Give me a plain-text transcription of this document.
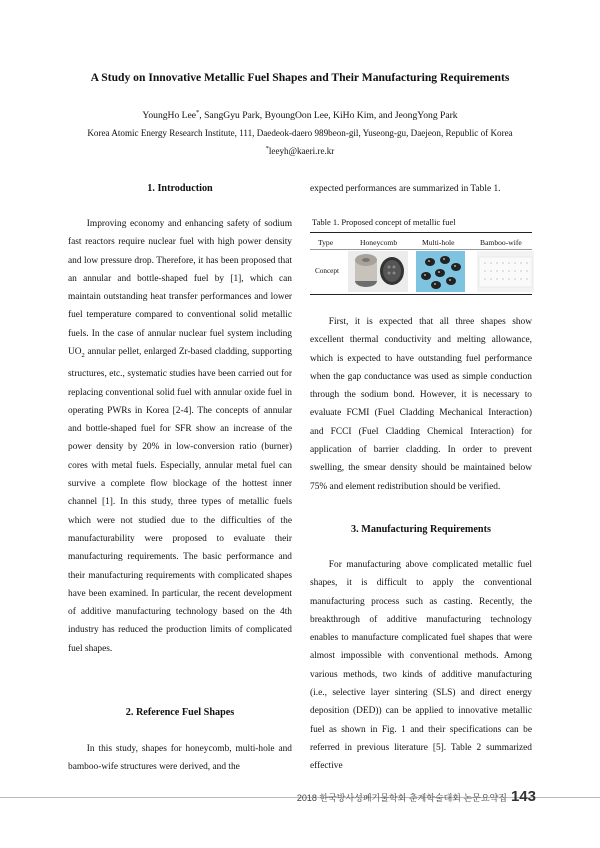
A Study on Innovative Metallic Fuel Shapes and Their Manufacturing Requirements
YoungHo Lee*, SangGyu Park, ByoungOon Lee, KiHo Kim, and JeongYong Park
Korea Atomic Energy Research Institute, 111, Daedeok-daero 989beon-gil, Yuseong-gu, Daejeon, Republic of Korea
*leeyh@kaeri.re.kr
1. Introduction

Improving economy and enhancing safety of sodium fast reactors require nuclear fuel with high power density and low pressure drop. Therefore, it has been proposed that an annular and bottle-shaped fuel by [1], which can maintain outstanding heat transfer performances and lower fuel temperature compared to conventional solid metallic fuels. In the case of annular nuclear fuel system including $UO_2$ annular pellet, enlarged Zr-based cladding, supporting structures, etc., systematic studies have been carried out for replacing conventional solid fuel with annular oxide fuel in operating PWRs in Korea [2-4]. The concepts of annular and bottle-shaped fuel for SFR show an increase of the power density by 20% in low-conversion ratio (burner) cores with metal fuels. Especially, annular metal fuel can survive a complete flow blockage of the hottest inner channel [1]. In this study, three types of metallic fuels which were not studied due to the difficulties of the manufacturability were proposed to evaluate their manufacturing requirements. The basic performance and their manufacturing requirements with complicated shapes have been examined. In particular, the recent development of additive manufacturing technology based on the 4th industry has reduced the production limits of complicated fuel shapes.

2. Reference Fuel Shapes

In this study, shapes for honeycomb, multi-hole and bamboo-wife structures were derived, and the

expected performances are summarized in Table 1.

Table 1. Proposed concept of metallic fuel
Type	Honeycomb	Multi-hole	Bamboo-wife
Concept

First, it is expected that all three shapes show excellent thermal conductivity and melting allowance, which is expected to have outstanding fuel performance when the gap conductance was used as simple conduction through the sodium bond. However, it is necessary to evaluate FCMI (Fuel Cladding Mechanical Interaction) and FCCI (Fuel Cladding Chemical Interaction) for application of barrier cladding. In order to prevent swelling, the smear density should be maintained below 75% and element redistribution should be verified.

3. Manufacturing Requirements

For manufacturing above complicated metallic fuel shapes, it is difficult to apply the conventional manufacturing process such as casting. Recently, the breakthrough of additive manufacturing technology enables to manufacture complicated fuel shapes that were almost impossible with conventional methods. Among various methods, two kinds of additive manufacturing (i.e., selective layer sintering (SLS) and direct energy deposition (DED)) can be applied to innovative metallic fuel as shown in Fig. 1 and their specifications can be referred in previous literature [5]. Table 2 summarized effective

2018 한국방사성폐기물학회 춘계학술대회 논문요약집 143
